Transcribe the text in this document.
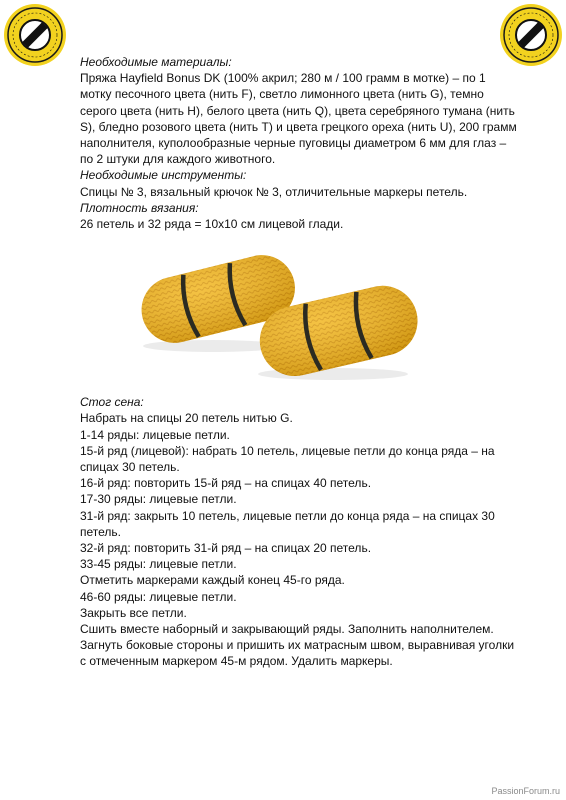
Необходимые материалы:

Пряжа Hayfield Bonus DK (100% акрил; 280 м / 100 грамм в мотке) – по 1

мотку песочного цвета (нить F), светло лимонного цвета (нить G), темно

серого цвета (нить H), белого цвета (нить Q), цвета серебряного тумана (нить

S), бледно розового цвета (нить T) и цвета грецкого ореха (нить U), 200 грамм

наполнителя, куполообразные черные пуговицы диаметром 6 мм для глаз –

по 2 штуки для каждого животного.

Необходимые инструменты:

Спицы № 3, вязальный крючок № 3, отличительные маркеры петель.

Плотность вязания:

26 петель и 32 ряда = 10x10 см лицевой глади.

Стог сена:

Набрать на спицы 20 петель нитью G.

1-14 ряды: лицевые петли.

15-й ряд (лицевой): набрать 10 петель, лицевые петли до конца ряда – на

спицах 30 петель.

16-й ряд: повторить 15-й ряд – на спицах 40 петель.

17-30 ряды: лицевые петли.

31-й ряд: закрыть 10 петель, лицевые петли до конца ряда – на спицах 30

петель.

32-й ряд: повторить 31-й ряд – на спицах 20 петель.

33-45 ряды: лицевые петли.

Отметить маркерами каждый конец 45-го ряда.

46-60 ряды: лицевые петли.

Закрыть все петли.

Сшить вместе наборный и закрывающий ряды. Заполнить наполнителем.

Загнуть боковые стороны и пришить их матрасным швом, выравнивая уголки

с отмеченным маркером 45-м рядом. Удалить маркеры.

PassionForum.ru
